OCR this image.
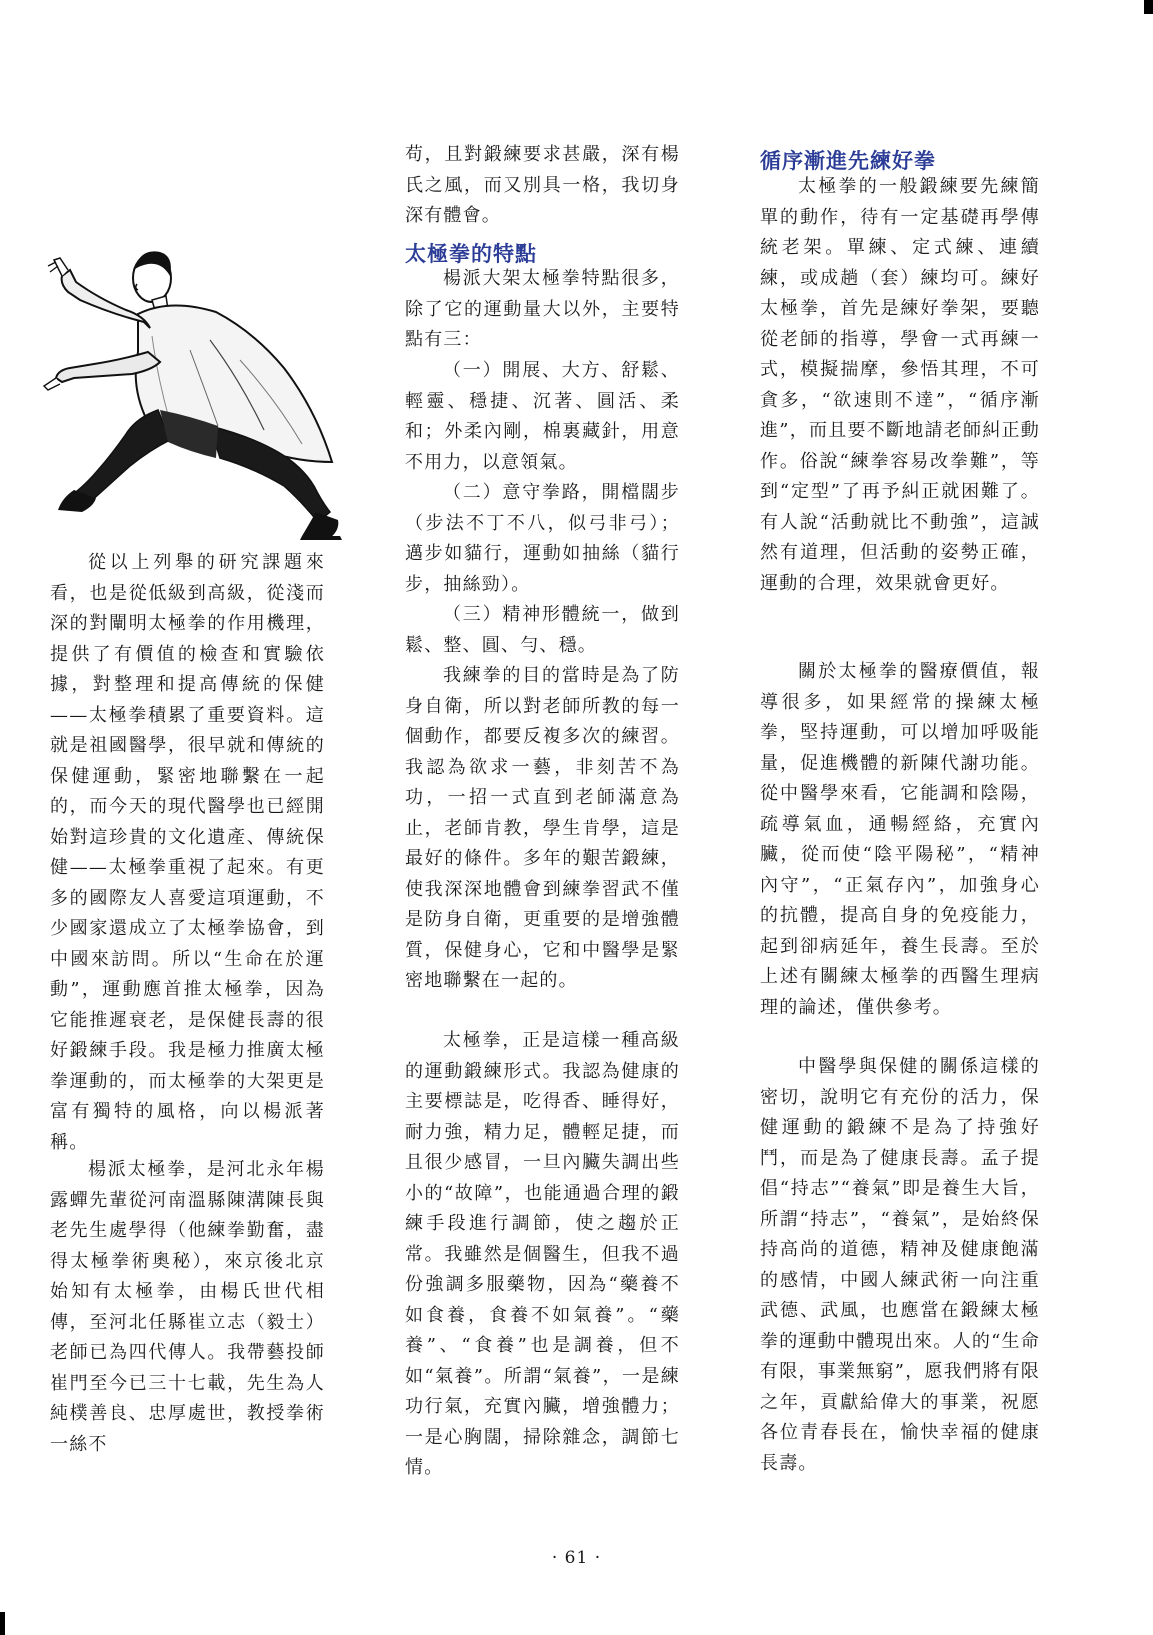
從以上列舉的研究課題來看，也是從低級到高級，從淺而深的對闡明太極拳的作用機理，提供了有價值的檢查和實驗依據，對整理和提高傳統的保健——太極拳積累了重要資料。這就是祖國醫學，很早就和傳統的保健運動，緊密地聯繫在一起的，而今天的現代醫學也已經開始對這珍貴的文化遺產、傳統保健——太極拳重視了起來。有更多的國際友人喜愛這項運動，不少國家還成立了太極拳協會，到中國來訪問。所以“生命在於運動”，運動應首推太極拳，因為它能推遲衰老，是保健長壽的很好鍛練手段。我是極力推廣太極拳運動的，而太極拳的大架更是富有獨特的風格，向以楊派著稱。

楊派太極拳，是河北永年楊露蟬先輩從河南溫縣陳溝陳長與老先生處學得（他練拳勤奮，盡得太極拳術奧秘），來京後北京始知有太極拳，由楊氏世代相傳，至河北任縣崔立志（毅士）老師已為四代傳人。我帶藝投師崔門至今已三十七載，先生為人純樸善良、忠厚處世，教授拳術一絲不

苟，且對鍛練要求甚嚴，深有楊氏之風，而又別具一格，我切身深有體會。

太極拳的特點

楊派大架太極拳特點很多，除了它的運動量大以外，主要特點有三：

（一）開展、大方、舒鬆、輕靈、穩捷、沉著、圓活、柔和；外柔內剛，棉裏藏針，用意不用力，以意領氣。

（二）意守拳路，開檔闊步（步法不丁不八，似弓非弓）；邁步如貓行，運動如抽絲（貓行步，抽絲勁）。

（三）精神形體統一，做到鬆、整、圓、勻、穩。

我練拳的目的當時是為了防身自衛，所以對老師所教的每一個動作，都要反複多次的練習。我認為欲求一藝，非刻苦不為功，一招一式直到老師滿意為止，老師肯教，學生肯學，這是最好的條件。多年的艱苦鍛練，使我深深地體會到練拳習武不僅是防身自衛，更重要的是增強體質，保健身心，它和中醫學是緊密地聯繫在一起的。

太極拳，正是這樣一種高級的運動鍛練形式。我認為健康的主要標誌是，吃得香、睡得好，耐力強，精力足，體輕足捷，而且很少感冒，一旦內臟失調出些小的“故障”，也能通過合理的鍛練手段進行調節，使之趨於正常。我雖然是個醫生，但我不過份強調多服藥物，因為“藥養不如食養，食養不如氣養”。“藥養”、“食養”也是調養，但不如“氣養”。所謂“氣養”，一是練功行氣，充實內臟，增強體力；一是心胸闊，掃除雜念，調節七情。

循序漸進先練好拳

太極拳的一般鍛練要先練簡單的動作，待有一定基礎再學傳統老架。單練、定式練、連續練，或成趟（套）練均可。練好太極拳，首先是練好拳架，要聽從老師的指導，學會一式再練一式，模擬揣摩，參悟其理，不可貪多，“欲速則不達”，“循序漸進”，而且要不斷地請老師糾正動作。俗說“練拳容易改拳難”，等到“定型”了再予糾正就困難了。有人說“活動就比不動強”，這誠然有道理，但活動的姿勢正確，運動的合理，效果就會更好。

關於太極拳的醫療價值，報導很多，如果經常的操練太極拳，堅持運動，可以增加呼吸能量，促進機體的新陳代謝功能。從中醫學來看，它能調和陰陽，疏導氣血，通暢經絡，充實內臟，從而使“陰平陽秘”，“精神內守”，“正氣存內”，加強身心的抗體，提高自身的免疫能力，起到卻病延年，養生長壽。至於上述有關練太極拳的西醫生理病理的論述，僅供參考。

中醫學與保健的關係這樣的密切，說明它有充份的活力，保健運動的鍛練不是為了持強好鬥，而是為了健康長壽。孟子提倡“持志”“養氣”即是養生大旨，所謂“持志”，“養氣”，是始終保持高尚的道德，精神及健康飽滿的感情，中國人練武術一向注重武德、武風，也應當在鍛練太極拳的運動中體現出來。人的“生命有限，事業無窮”，愿我們將有限之年，貢獻給偉大的事業，祝愿各位青春長在，愉快幸福的健康長壽。

· 61 ·
